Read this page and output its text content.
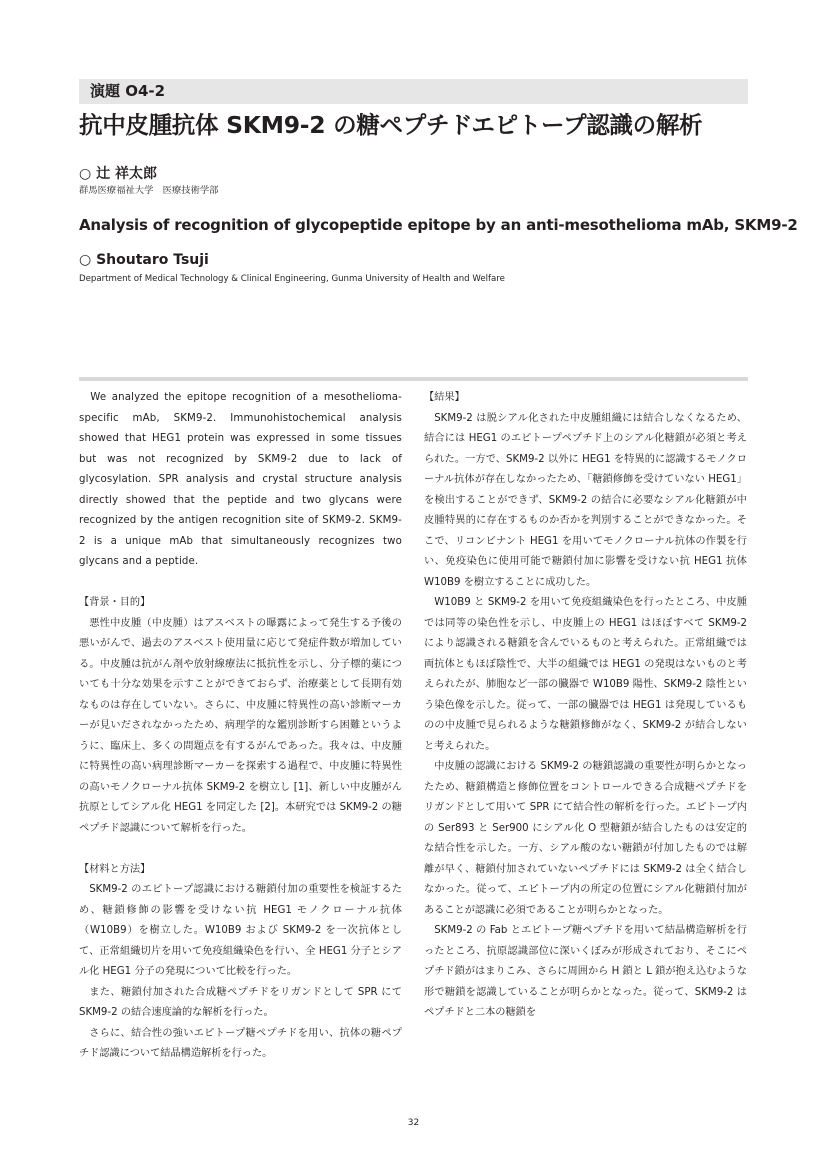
演題 O4-2
抗中皮腫抗体 SKM9-2 の糖ペプチドエピトープ認識の解析
○ 辻 祥太郎
群馬医療福祉大学　医療技術学部
Analysis of recognition of glycopeptide epitope by an anti-mesothelioma mAb, SKM9-2
○ Shoutaro Tsuji
Department of Medical Technology & Clinical Engineering, Gunma University of Health and Welfare

We analyzed the epitope recognition of a mesothelioma-specific mAb, SKM9-2. Immunohistochemical analysis showed that HEG1 protein was expressed in some tissues but was not recognized by SKM9-2 due to lack of glycosylation. SPR analysis and crystal structure analysis directly showed that the peptide and two glycans were recognized by the antigen recognition site of SKM9-2. SKM9-2 is a unique mAb that simultaneously recognizes two glycans and a peptide.

【背景・目的】

悪性中皮腫（中皮腫）はアスベストの曝露によって発生する予後の悪いがんで、過去のアスベスト使用量に応じて発症件数が増加している。中皮腫は抗がん剤や放射線療法に抵抗性を示し、分子標的薬についても十分な効果を示すことができておらず、治療薬として長期有効なものは存在していない。さらに、中皮腫に特異性の高い診断マーカーが見いだされなかったため、病理学的な鑑別診断すら困難というように、臨床上、多くの問題点を有するがんであった。我々は、中皮腫に特異性の高い病理診断マーカーを探索する過程で、中皮腫に特異性の高いモノクローナル抗体 SKM9-2 を樹立し [1]、新しい中皮腫がん抗原としてシアル化 HEG1 を同定した [2]。本研究では SKM9-2 の糖ペプチド認識について解析を行った。

【材料と方法】

SKM9-2 のエピトープ認識における糖鎖付加の重要性を検証するため、糖鎖修飾の影響を受けない抗 HEG1 モノクローナル抗体（W10B9）を樹立した。W10B9 および SKM9-2 を一次抗体として、正常組織切片を用いて免疫組織染色を行い、全 HEG1 分子とシアル化 HEG1 分子の発現について比較を行った。

また、糖鎖付加された合成糖ペプチドをリガンドとして SPR にて SKM9-2 の結合速度論的な解析を行った。

さらに、結合性の強いエピトープ糖ペプチドを用い、抗体の糖ペプチド認識について結晶構造解析を行った。

【結果】

SKM9-2 は脱シアル化された中皮腫組織には結合しなくなるため、結合には HEG1 のエピトープペプチド上のシアル化糖鎖が必須と考えられた。一方で、SKM9-2 以外に HEG1 を特異的に認識するモノクローナル抗体が存在しなかったため、「糖鎖修飾を受けていない HEG1」を検出することができず、SKM9-2 の結合に必要なシアル化糖鎖が中皮腫特異的に存在するものか否かを判別することができなかった。そこで、リコンビナント HEG1 を用いてモノクローナル抗体の作製を行い、免疫染色に使用可能で糖鎖付加に影響を受けない抗 HEG1 抗体 W10B9 を樹立することに成功した。

W10B9 と SKM9-2 を用いて免疫組織染色を行ったところ、中皮腫では同等の染色性を示し、中皮腫上の HEG1 はほぼすべて SKM9-2 により認識される糖鎖を含んでいるものと考えられた。正常組織では両抗体ともほぼ陰性で、大半の組織では HEG1 の発現はないものと考えられたが、肺胞など一部の臓器で W10B9 陽性、SKM9-2 陰性という染色像を示した。従って、一部の臓器では HEG1 は発現しているものの中皮腫で見られるような糖鎖修飾がなく、SKM9-2 が結合しないと考えられた。

中皮腫の認識における SKM9-2 の糖鎖認識の重要性が明らかとなったため、糖鎖構造と修飾位置をコントロールできる合成糖ペプチドをリガンドとして用いて SPR にて結合性の解析を行った。エピトープ内の Ser893 と Ser900 にシアル化 O 型糖鎖が結合したものは安定的な結合性を示した。一方、シアル酸のない糖鎖が付加したものでは解離が早く、糖鎖付加されていないペプチドには SKM9-2 は全く結合しなかった。従って、エピトープ内の所定の位置にシアル化糖鎖付加があることが認識に必須であることが明らかとなった。

SKM9-2 の Fab とエピトープ糖ペプチドを用いて結晶構造解析を行ったところ、抗原認識部位に深いくぼみが形成されており、そこにペプチド鎖がはまりこみ、さらに周囲から H 鎖と L 鎖が抱え込むような形で糖鎖を認識していることが明らかとなった。従って、SKM9-2 はペプチドと二本の糖鎖を

32
